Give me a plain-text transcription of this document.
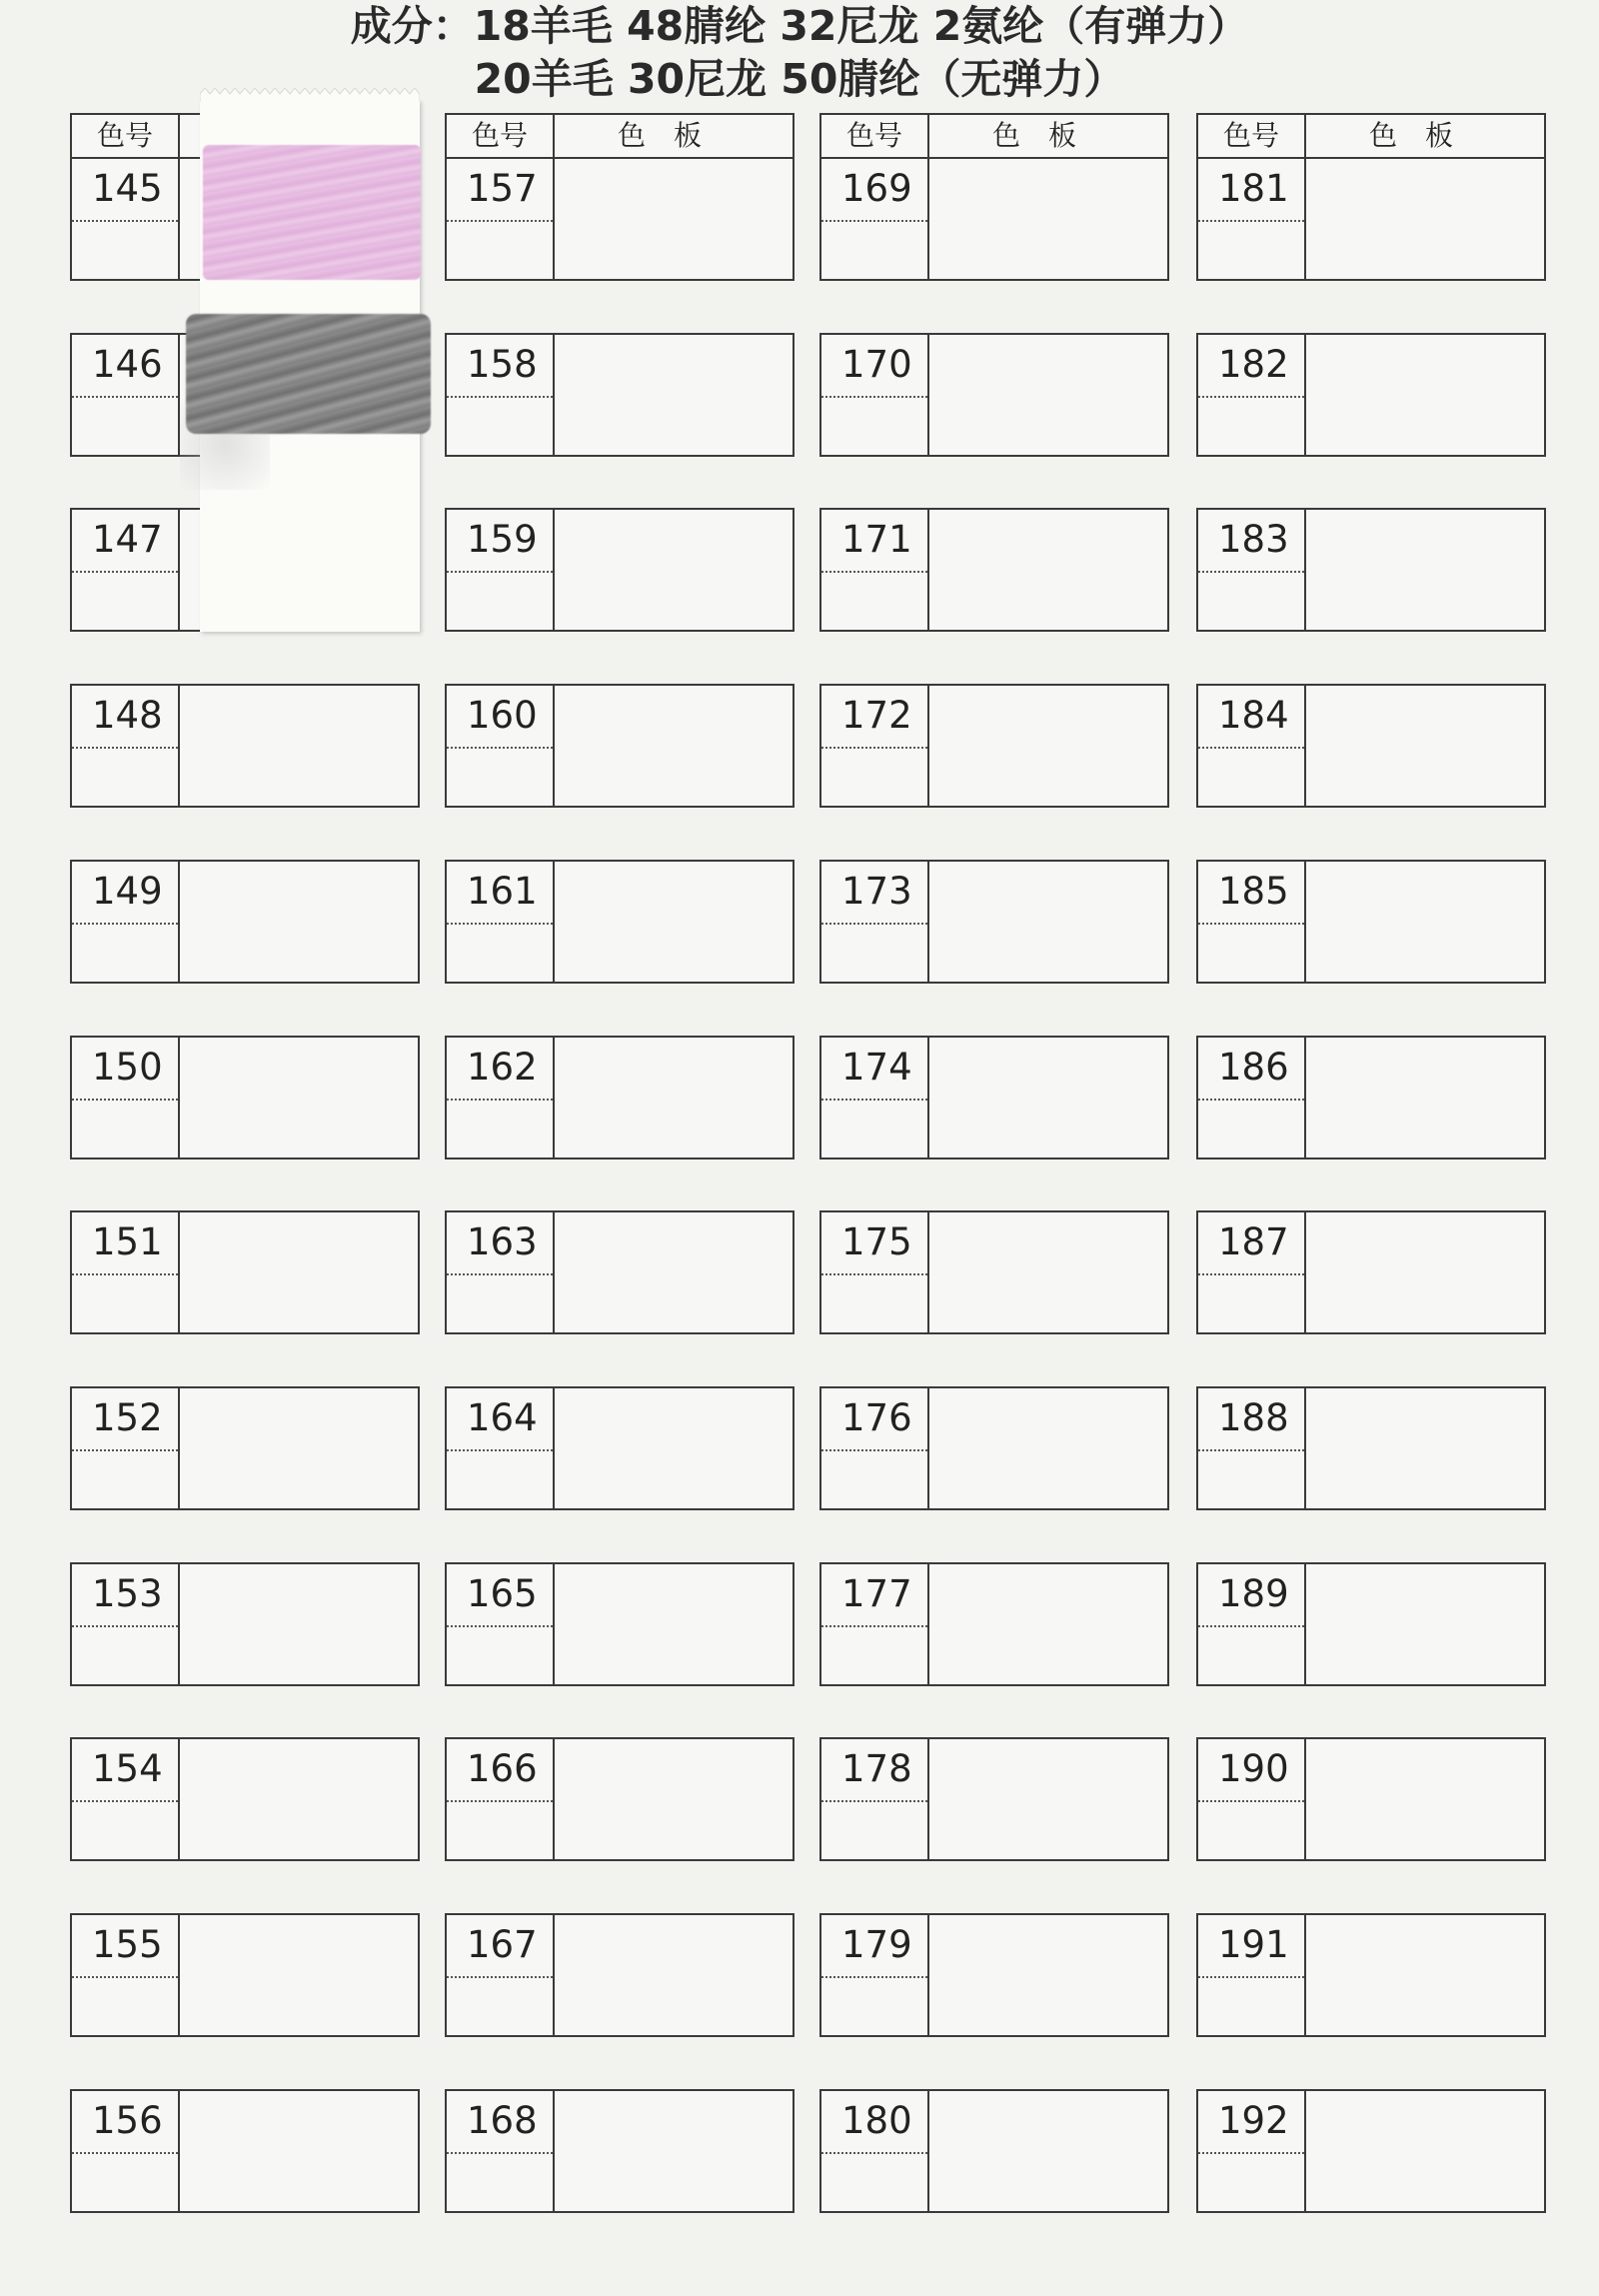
成分：18羊毛 48腈纶 32尼龙 2氨纶（有弹力）
20羊毛 30尼龙 50腈纶（无弹力）
色号
145
146
147
148
149
150
151
152
153
154
155
156
色号	色板
157
158
159
160
161
162
163
164
165
166
167
168
色号	色板
169
170
171
172
173
174
175
176
177
178
179
180
色号	色板
181
182
183
184
185
186
187
188
189
190
191
192
